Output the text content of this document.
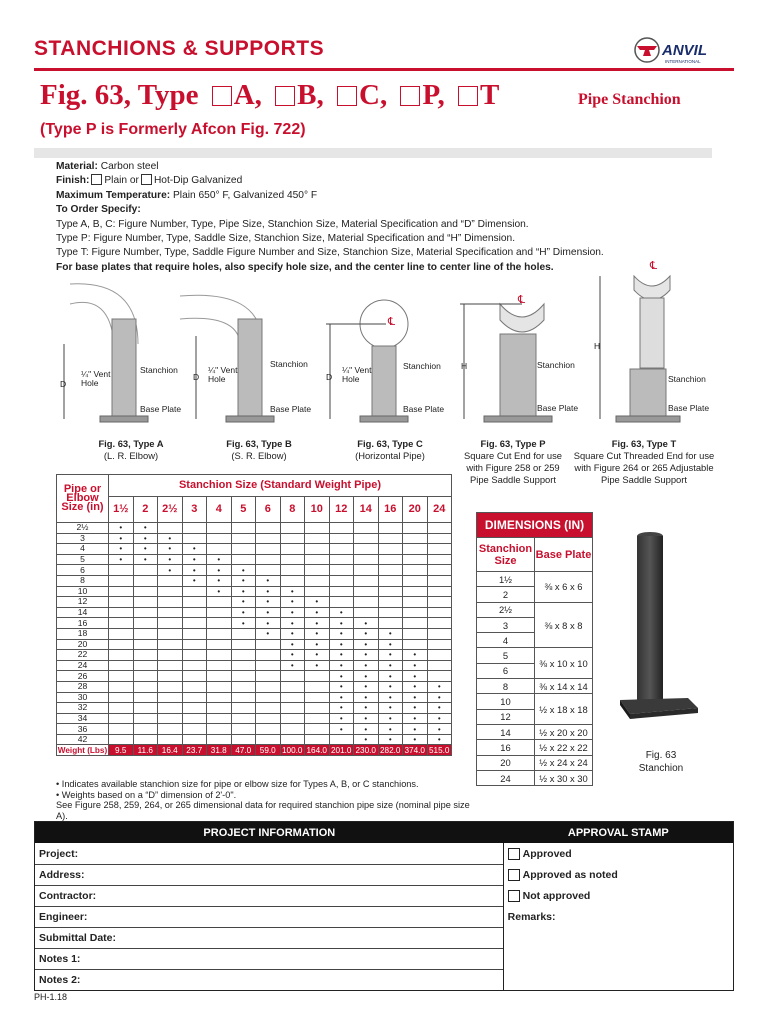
STANCHIONS & SUPPORTS	ANVIL
INTERNATIONAL
Fig. 63, Type A, B, C, P, T	Pipe Stanchion
(Type P is Formerly Afcon Fig. 722)
Material: Carbon steel
Finish: Plain or Hot-Dip Galvanized
Maximum Temperature: Plain 650° F, Galvanized 450° F
To Order Specify:
Type A, B, C: Figure Number, Type, Pipe Size, Stanchion Size, Material Specification and “D” Dimension.
Type P: Figure Number, Type, Saddle Size, Stanchion Size, Material Specification and “H” Dimension.
Type T: Figure Number, Type, Saddle Figure Number and Size, Stanchion Size, Material Specification and “H” Dimension.
For base plates that require holes, also specify hole size, and the center line to center line of the holes.
D
¼" Vent Hole
Stanchion
Base Plate
D
¼" Vent Hole
Stanchion
Base Plate
D
¼" Vent Hole
Stanchion
Base Plate
℄
H	Stanchion
Base Plate
℄
H
Stanchion
Base Plate
℄
Fig. 63, Type A
(L. R. Elbow)
Fig. 63, Type B
(S. R. Elbow)
Fig. 63, Type C
(Horizontal Pipe)
Fig. 63, Type P
Square Cut End for use with Figure 258 or 259 Pipe Saddle Support
Fig. 63, Type T
Square Cut Threaded End for use with Figure 264 or 265 Adjustable Pipe Saddle Support
Pipe or Elbow Size (in)	Stanchion Size (Standard Weight Pipe)													
	1½	2	2½	3	4	5	6	8	10	12	14	16	20	24
2½	•	•												
3	•	•	•											
4	•	•	•	•										
5	•	•	•	•	•									
6			•	•	•	•								
8				•	•	•	•							
10					•	•	•	•						
12						•	•	•	•					
14						•	•	•	•	•				
16						•	•	•	•	•	•			
18							•	•	•	•	•	•		
20								•	•	•	•	•		
22								•	•	•	•	•	•	
24								•	•	•	•	•	•	
26										•	•	•	•	
28										•	•	•	•	•
30										•	•	•	•	•
32										•	•	•	•	•
34										•	•	•	•	•
36										•	•	•	•	•
42											•	•	•	•
Weight (Lbs)	9.5	11.6	16.4	23.7	31.8	47.0	59.0	100.0	164.0	201.0	230.0	282.0	374.0	515.0
• Indicates available stanchion size for pipe or elbow size for Types A, B, or C stanchions.
• Weights based on a “D” dimension of 2'-0".
See Figure 258, 259, 264, or 265 dimensional data for required stanchion pipe size (nominal pipe size A).
DIMENSIONS (IN)	
Stanchion Size	Base Plate
1½	⅜ x 6 x 6
2	
2½	⅜ x 8 x 8
3	
4	
5	⅜ x 10 x 10
6	
8	⅜ x 14 x 14
10	½ x 18 x 18
12	
14	½ x 20 x 20
16	½ x 22 x 22
20	½ x 24 x 24
24	½ x 30 x 30
Fig. 63 Stanchion
PROJECT INFORMATION	APPROVAL STAMP
Project:
Address:
Contractor:
Engineer:
Submittal Date:
Notes 1:
Notes 2:
Approved
Approved as noted
Not approved
Remarks:
PH-1.18
